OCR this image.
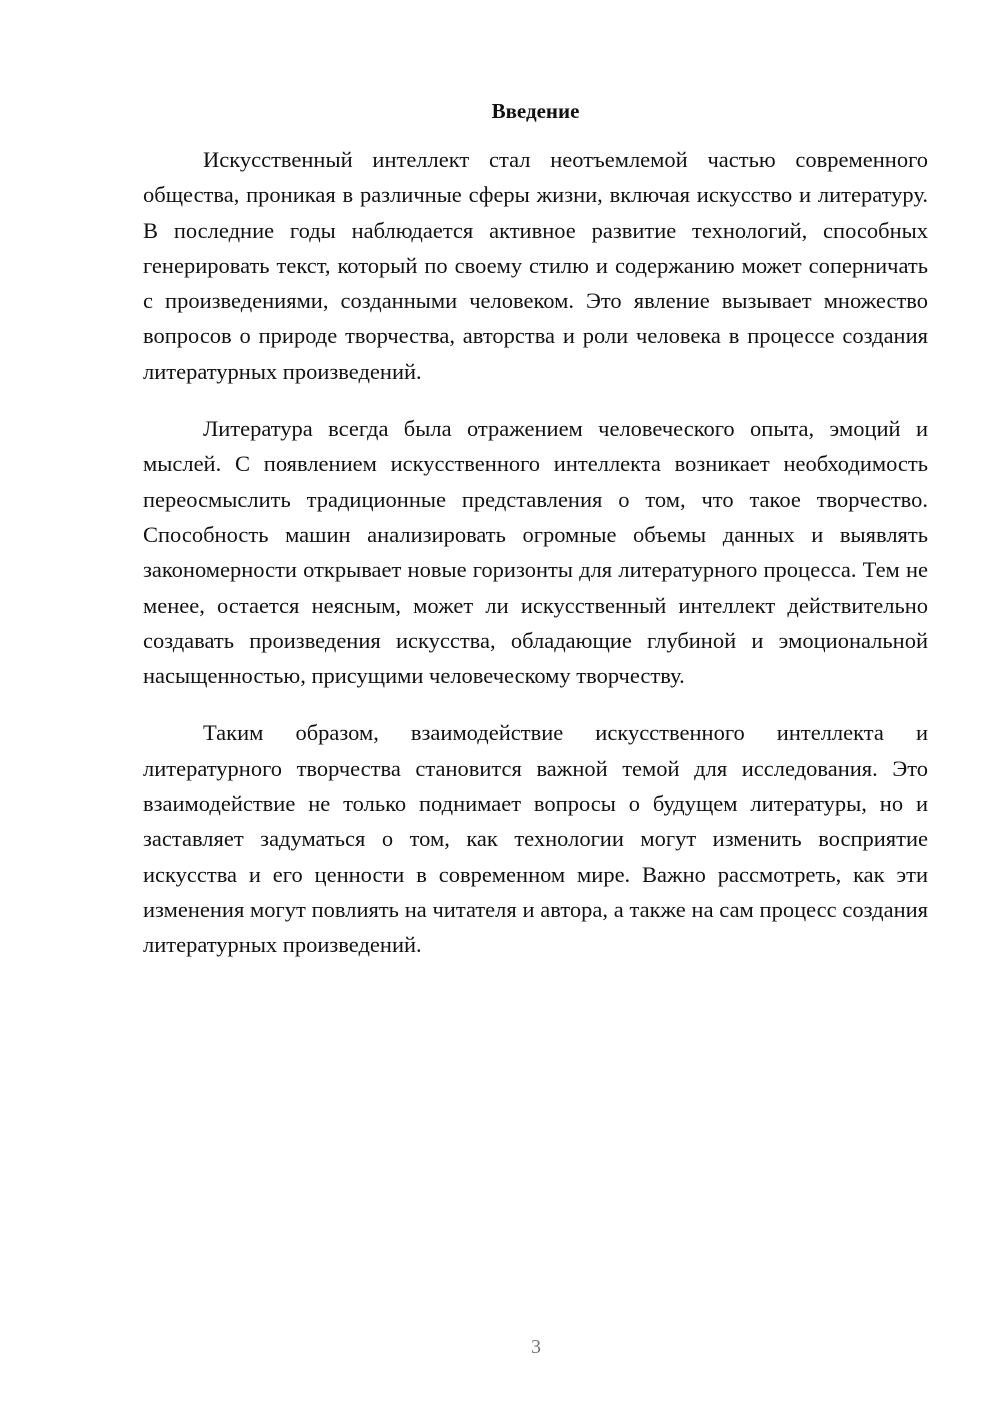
Введение

Искусственный интеллект стал неотъемлемой частью современного общества, проникая в различные сферы жизни, включая искусство и литературу. В последние годы наблюдается активное развитие технологий, способных генерировать текст, который по своему стилю и содержанию может соперничать с произведениями, созданными человеком. Это явление вызывает множество вопросов о природе творчества, авторства и роли человека в процессе создания литературных произведений.

Литература всегда была отражением человеческого опыта, эмоций и мыслей. С появлением искусственного интеллекта возникает необходимость переосмыслить традиционные представления о том, что такое творчество. Способность машин анализировать огромные объемы данных и выявлять закономерности открывает новые горизонты для литературного процесса. Тем не менее, остается неясным, может ли искусственный интеллект действительно создавать произведения искусства, обладающие глубиной и эмоциональной насыщенностью, присущими человеческому творчеству.

Таким образом, взаимодействие искусственного интеллекта и литературного творчества становится важной темой для исследования. Это взаимодействие не только поднимает вопросы о будущем литературы, но и заставляет задуматься о том, как технологии могут изменить восприятие искусства и его ценности в современном мире. Важно рассмотреть, как эти изменения могут повлиять на читателя и автора, а также на сам процесс создания литературных произведений.

3
